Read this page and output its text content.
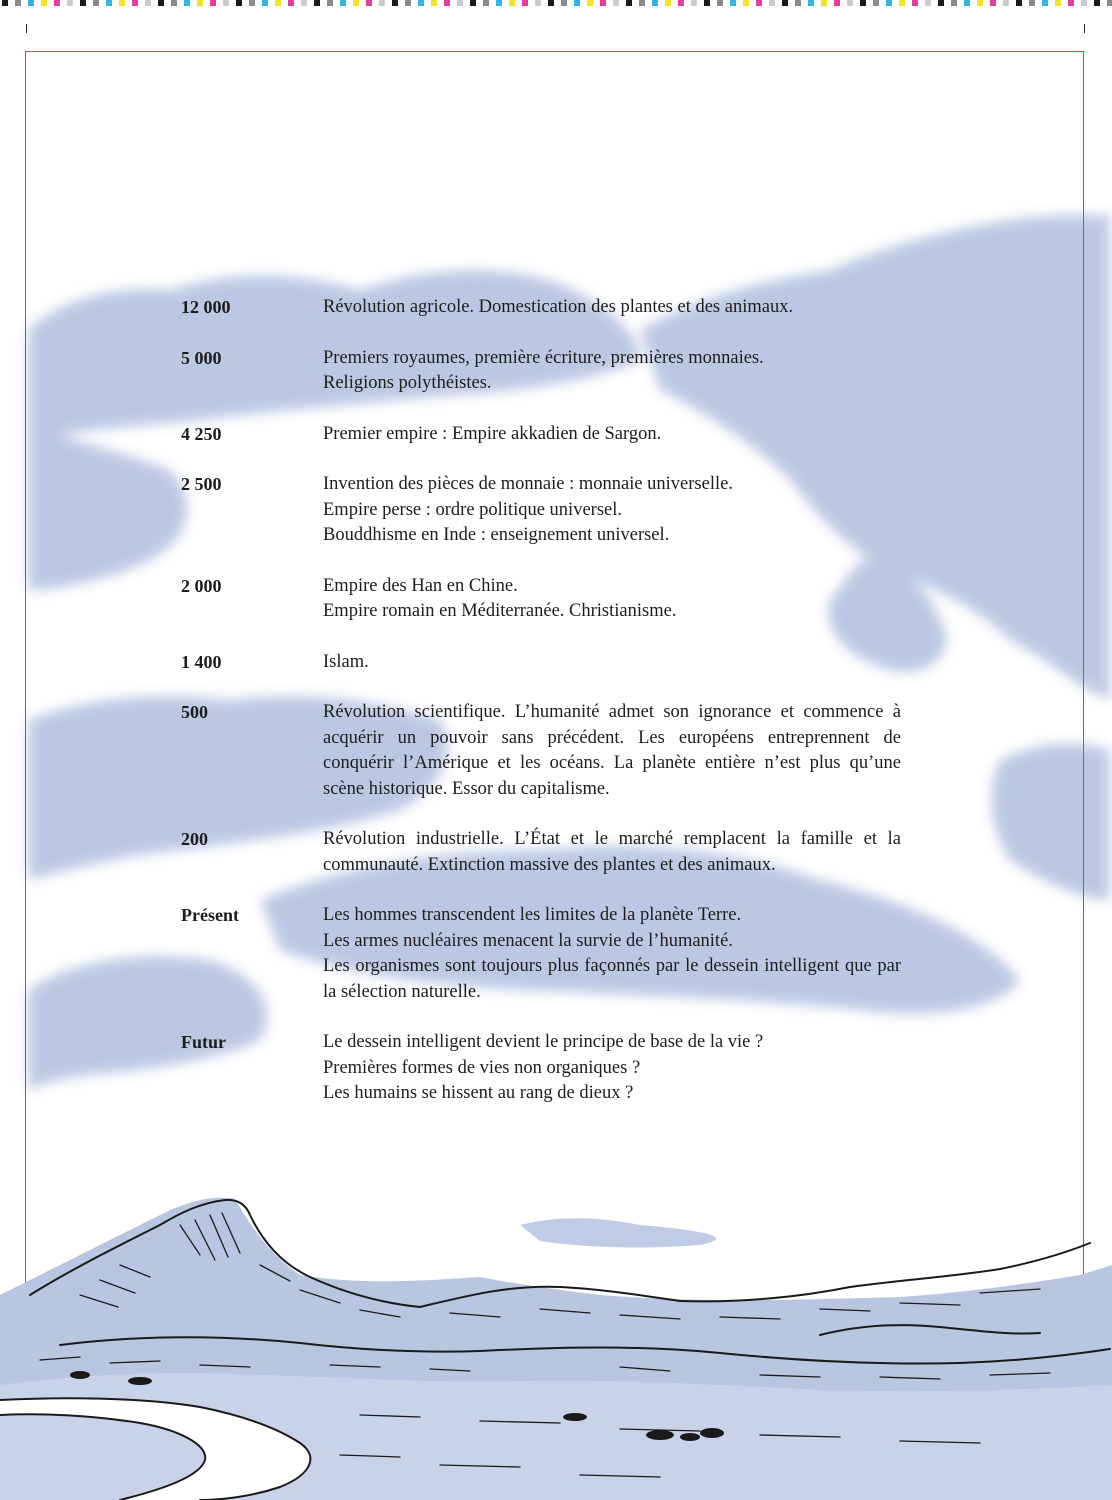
12 000	Révolution agricole. Domestication des plantes et des animaux.
5 000	Premiers royaumes, première écriture, premières monnaies.
Religions polythéistes.
4 250	Premier empire : Empire akkadien de Sargon.
2 500	Invention des pièces de monnaie : monnaie universelle.
Empire perse : ordre politique universel.
Bouddhisme en Inde : enseignement universel.
2 000	Empire des Han en Chine.
Empire romain en Méditerranée. Christianisme.
1 400	Islam.
500	Révolution scientifique. L’humanité admet son ignorance et commence à acquérir un pouvoir sans précédent. Les européens entreprennent de conquérir l’Amérique et les océans. La planète entière n’est plus qu’une scène historique. Essor du capitalisme.
200	Révolution industrielle. L’État et le marché remplacent la famille et la communauté. Extinction massive des plantes et des animaux.
Présent	Les hommes transcendent les limites de la planète Terre.
Les armes nucléaires menacent la survie de l’humanité.
Les organismes sont toujours plus façonnés par le dessein intelligent que par la sélection naturelle.
Futur	Le dessein intelligent devient le principe de base de la vie ?
Premières formes de vies non organiques ?
Les humains se hissent au rang de dieux ?
